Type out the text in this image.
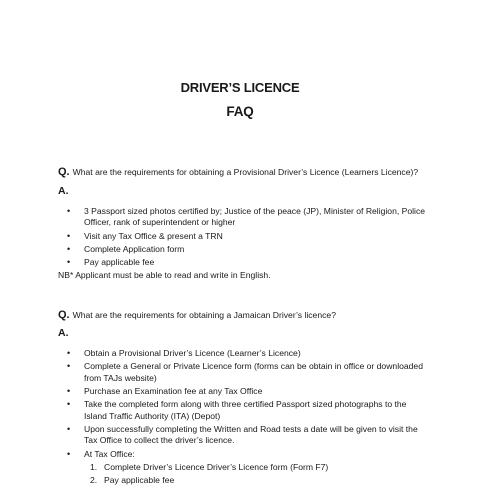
DRIVER’S LICENCE
FAQ
Q. What are the requirements for obtaining a Provisional Driver’s Licence (Learners Licence)?
A.
• 3 Passport sized photos certified by; Justice of the peace (JP), Minister of Religion, Police Officer, rank of superintendent or higher
• Visit any Tax Office & present a TRN
• Complete Application form
• Pay applicable fee
NB* Applicant must be able to read and write in English.
Q. What are the requirements for obtaining a Jamaican Driver’s licence?
A.
• Obtain a Provisional Driver’s Licence (Learner’s Licence)
• Complete a General or Private Licence form (forms can be obtain in office or downloaded from TAJs website)
• Purchase an Examination fee at any Tax Office
• Take the completed form along with three certified Passport sized photographs to the Island Traffic Authority (ITA) (Depot)
• Upon successfully completing the Written and Road tests a date will be given to visit the Tax Office to collect the driver’s licence.
• At Tax Office:
1. Complete Driver’s Licence Driver’s Licence form (Form F7)
2. Pay applicable fee
